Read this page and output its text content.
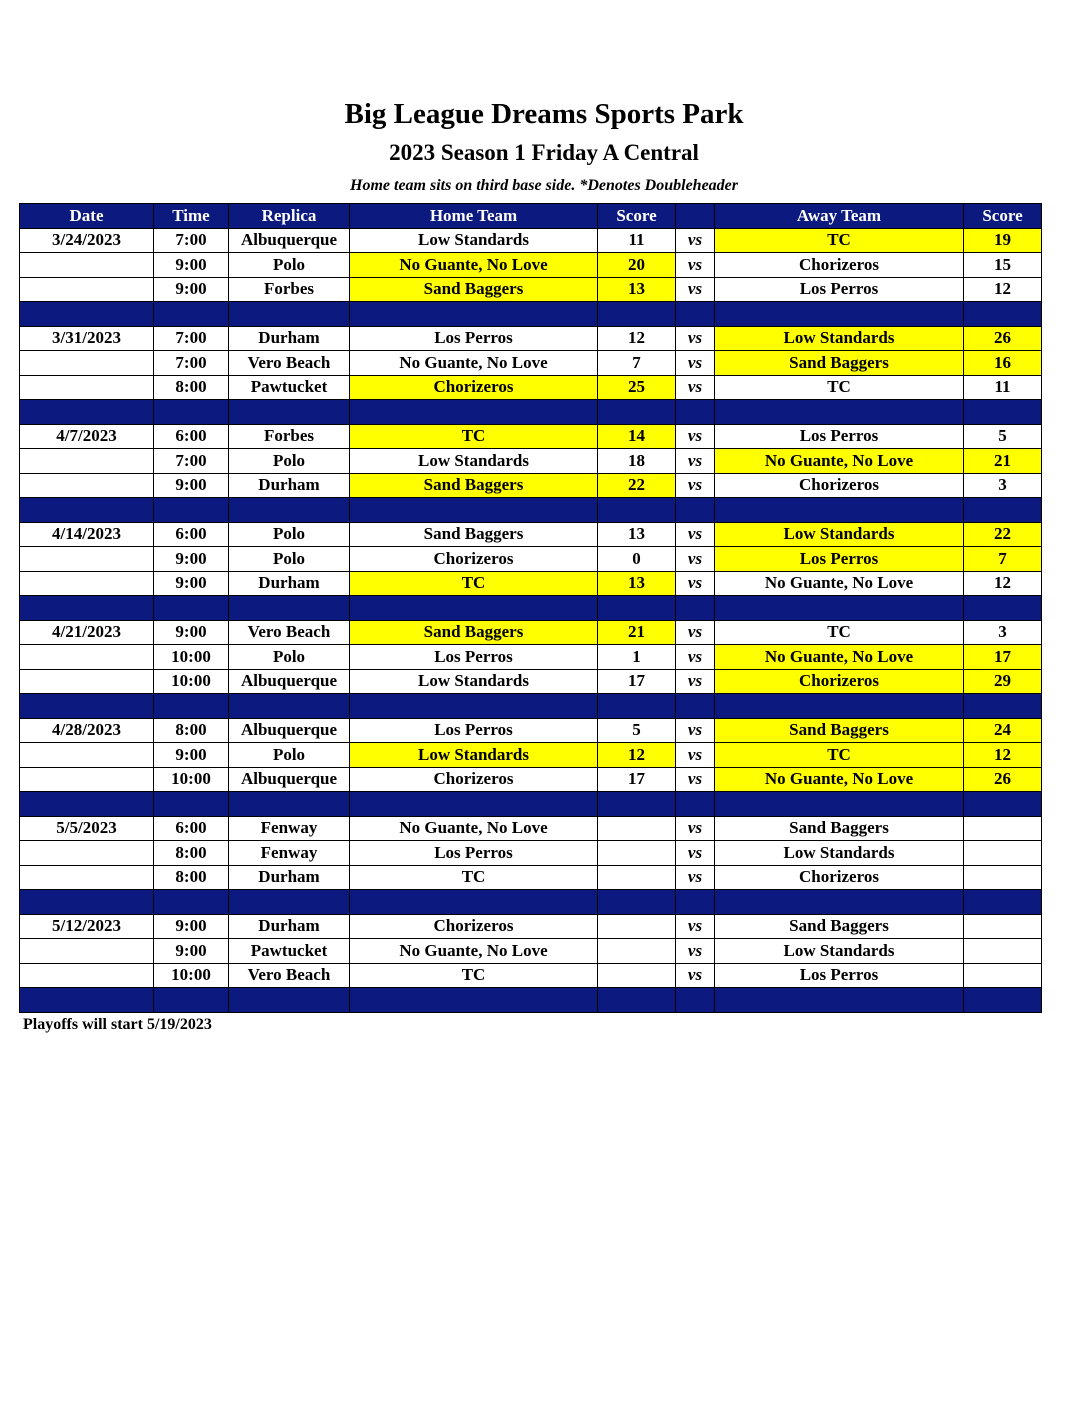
Big League Dreams Sports Park
2023 Season 1 Friday A Central
Home team sits on third base side. *Denotes Doubleheader
Date	Time	Replica	Home Team	Score		Away Team	Score
3/24/2023	7:00	Albuquerque	Low Standards	11	vs	TC	19
	9:00	Polo	No Guante, No Love	20	vs	Chorizeros	15
	9:00	Forbes	Sand Baggers	13	vs	Los Perros	12

3/31/2023	7:00	Durham	Los Perros	12	vs	Low Standards	26
	7:00	Vero Beach	No Guante, No Love	7	vs	Sand Baggers	16
	8:00	Pawtucket	Chorizeros	25	vs	TC	11

4/7/2023	6:00	Forbes	TC	14	vs	Los Perros	5
	7:00	Polo	Low Standards	18	vs	No Guante, No Love	21
	9:00	Durham	Sand Baggers	22	vs	Chorizeros	3

4/14/2023	6:00	Polo	Sand Baggers	13	vs	Low Standards	22
	9:00	Polo	Chorizeros	0	vs	Los Perros	7
	9:00	Durham	TC	13	vs	No Guante, No Love	12

4/21/2023	9:00	Vero Beach	Sand Baggers	21	vs	TC	3
	10:00	Polo	Los Perros	1	vs	No Guante, No Love	17
	10:00	Albuquerque	Low Standards	17	vs	Chorizeros	29

4/28/2023	8:00	Albuquerque	Los Perros	5	vs	Sand Baggers	24
	9:00	Polo	Low Standards	12	vs	TC	12
	10:00	Albuquerque	Chorizeros	17	vs	No Guante, No Love	26

5/5/2023	6:00	Fenway	No Guante, No Love		vs	Sand Baggers	
	8:00	Fenway	Los Perros		vs	Low Standards	
	8:00	Durham	TC		vs	Chorizeros	

5/12/2023	9:00	Durham	Chorizeros		vs	Sand Baggers	
	9:00	Pawtucket	No Guante, No Love		vs	Low Standards	
	10:00	Vero Beach	TC		vs	Los Perros	

Playoffs will start 5/19/2023
